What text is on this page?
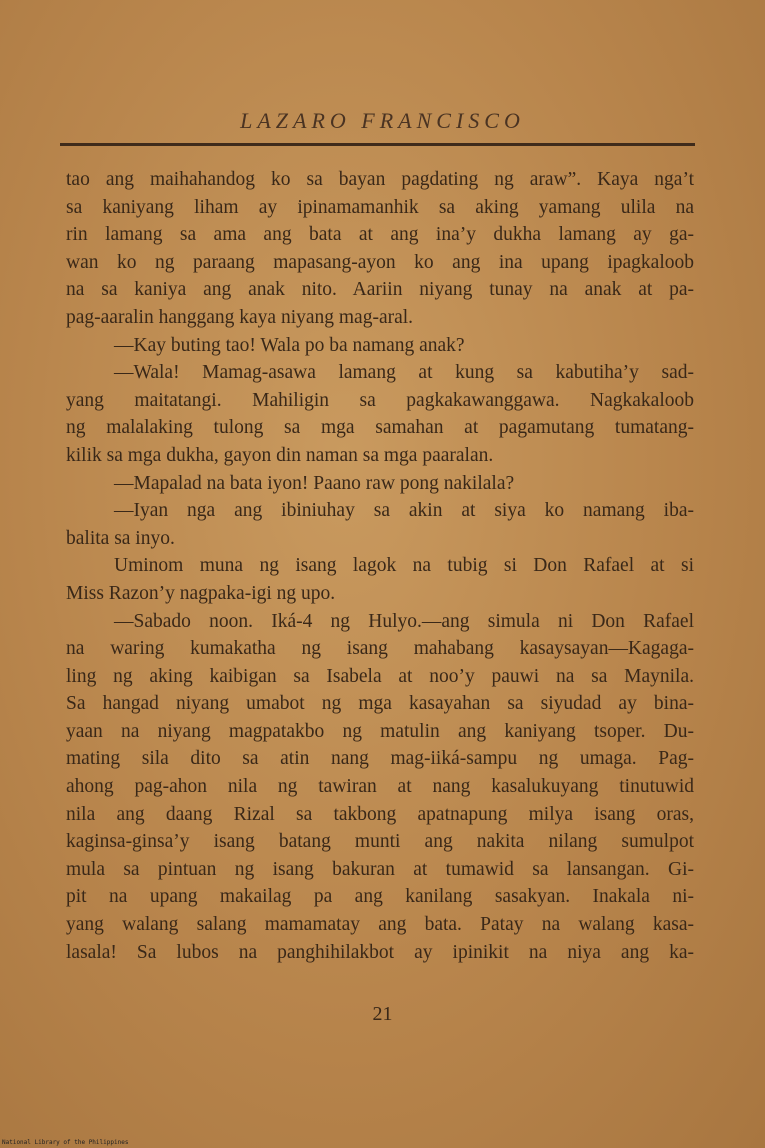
LAZARO FRANCISCO
tao ang maihahandog ko sa bayan pagdating ng araw”. Kaya nga’t
sa kaniyang liham ay ipinamamanhik sa aking yamang ulila na
rin lamang sa ama ang bata at ang ina’y dukha lamang ay ga-
wan ko ng paraang mapasang-ayon ko ang ina upang ipagkaloob
na sa kaniya ang anak nito. Aariin niyang tunay na anak at pa-
pag-aaralin hanggang kaya niyang mag-aral.
—Kay buting tao! Wala po ba namang anak?
—Wala! Mamag-asawa lamang at kung sa kabutiha’y sad-
yang maitatangi. Mahiligin sa pagkakawanggawa. Nagkakaloob
ng malalaking tulong sa mga samahan at pagamutang tumatang-
kilik sa mga dukha, gayon din naman sa mga paaralan.
—Mapalad na bata iyon! Paano raw pong nakilala?
—Iyan nga ang ibiniuhay sa akin at siya ko namang iba-
balita sa inyo.
Uminom muna ng isang lagok na tubig si Don Rafael at si
Miss Razon’y nagpaka-igi ng upo.
—Sabado noon. Iká-4 ng Hulyo.—ang simula ni Don Rafael
na waring kumakatha ng isang mahabang kasaysayan—Kagaga-
ling ng aking kaibigan sa Isabela at noo’y pauwi na sa Maynila.
Sa hangad niyang umabot ng mga kasayahan sa siyudad ay bina-
yaan na niyang magpatakbo ng matulin ang kaniyang tsoper. Du-
mating sila dito sa atin nang mag-iiká-sampu ng umaga. Pag-
ahong pag-ahon nila ng tawiran at nang kasalukuyang tinutuwid
nila ang daang Rizal sa takbong apatnapung milya isang oras,
kaginsa-ginsa’y isang batang munti ang nakita nilang sumulpot
mula sa pintuan ng isang bakuran at tumawid sa lansangan. Gi-
pit na upang makailag pa ang kanilang sasakyan. Inakala ni-
yang walang salang mamamatay ang bata. Patay na walang kasa-
lasala! Sa lubos na panghihilakbot ay ipinikit na niya ang ka-
21
National Library of the Philippines
